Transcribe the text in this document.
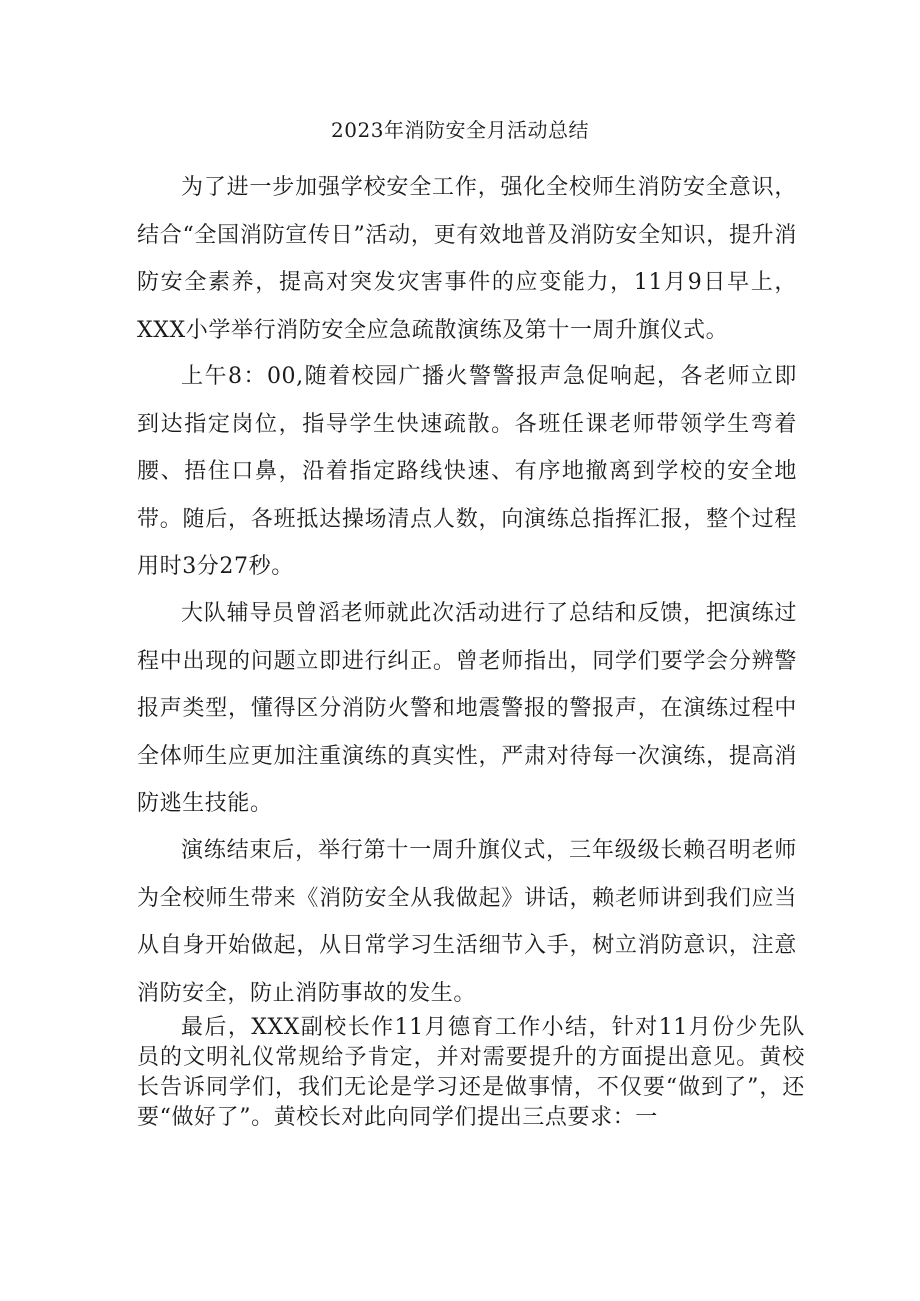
2023年消防安全月活动总结

为了进一步加强学校安全工作，强化全校师生消防安全意识，结合“全国消防宣传日”活动，更有效地普及消防安全知识，提升消防安全素养，提高对突发灾害事件的应变能力，11月9日早上，XXX小学举行消防安全应急疏散演练及第十一周升旗仪式。

上午8：00,随着校园广播火警警报声急促响起，各老师立即到达指定岗位，指导学生快速疏散。各班任课老师带领学生弯着腰、捂住口鼻，沿着指定路线快速、有序地撤离到学校的安全地带。随后，各班抵达操场清点人数，向演练总指挥汇报，整个过程用时3分27秒。

大队辅导员曾滔老师就此次活动进行了总结和反馈，把演练过程中出现的问题立即进行纠正。曾老师指出，同学们要学会分辨警报声类型，懂得区分消防火警和地震警报的警报声，在演练过程中全体师生应更加注重演练的真实性，严肃对待每一次演练，提高消防逃生技能。

演练结束后，举行第十一周升旗仪式，三年级级长赖召明老师为全校师生带来《消防安全从我做起》讲话，赖老师讲到我们应当从自身开始做起，从日常学习生活细节入手，树立消防意识，注意消防安全，防止消防事故的发生。

最后，XXX副校长作11月德育工作小结，针对11月份少先队员的文明礼仪常规给予肯定，并对需要提升的方面提出意见。黄校长告诉同学们，我们无论是学习还是做事情，不仅要“做到了”，还要“做好了”。黄校长对此向同学们提出三点要求：一
